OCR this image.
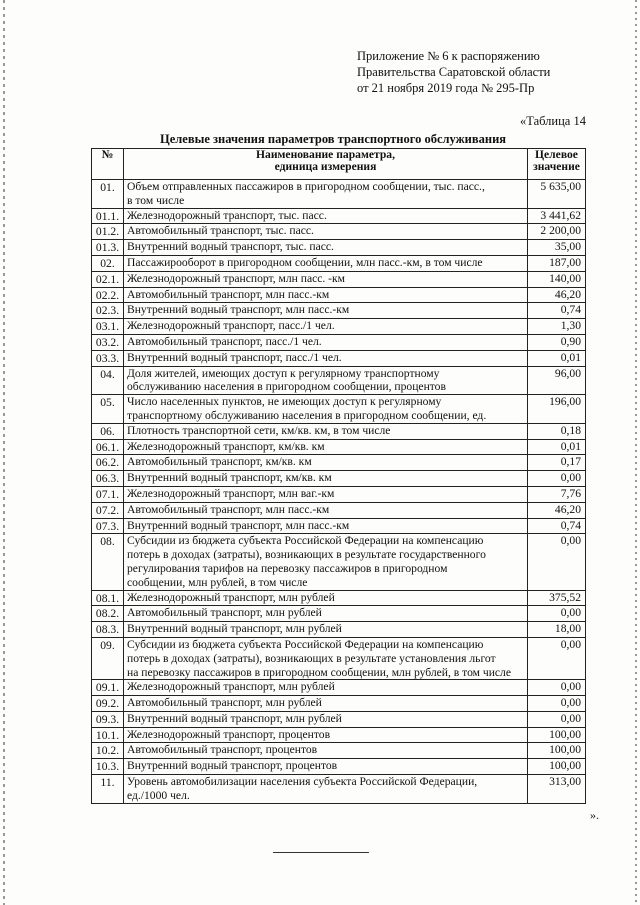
Приложение № 6 к распоряжению
Правительства Саратовской области
от 21 ноября 2019 года № 295-Пр
«Таблица 14
Целевые значения параметров транспортного обслуживания
№	Наименование параметра,
единица измерения	Целевое
значение
01.	Объем отправленных пассажиров в пригородном сообщении, тыс. пасс.,
в том числе	5 635,00
01.1.	Железнодорожный транспорт, тыс. пасс.	3 441,62
01.2.	Автомобильный транспорт, тыс. пасс.	2 200,00
01.3.	Внутренний водный транспорт, тыс. пасс.	35,00
02.	Пассажирооборот в пригородном сообщении, млн пасс.-км, в том числе	187,00
02.1.	Железнодорожный транспорт, млн пасс. -км	140,00
02.2.	Автомобильный транспорт, млн пасс.-км	46,20
02.3.	Внутренний водный транспорт, млн пасс.-км	0,74
03.1.	Железнодорожный транспорт, пасс./1 чел.	1,30
03.2.	Автомобильный транспорт, пасс./1 чел.	0,90
03.3.	Внутренний водный транспорт, пасс./1 чел.	0,01
04.	Доля жителей, имеющих доступ к регулярному транспортному
обслуживанию населения в пригородном сообщении, процентов	96,00
05.	Число населенных пунктов, не имеющих доступ к регулярному
транспортному обслуживанию населения в пригородном сообщении, ед.	196,00
06.	Плотность транспортной сети, км/кв. км, в том числе	0,18
06.1.	Железнодорожный транспорт, км/кв. км	0,01
06.2.	Автомобильный транспорт, км/кв. км	0,17
06.3.	Внутренний водный транспорт, км/кв. км	0,00
07.1.	Железнодорожный транспорт, млн ваг.-км	7,76
07.2.	Автомобильный транспорт, млн пасс.-км	46,20
07.3.	Внутренний водный транспорт, млн пасс.-км	0,74
08.	Субсидии из бюджета субъекта Российской Федерации на компенсацию
потерь в доходах (затраты), возникающих в результате государственного
регулирования тарифов на перевозку пассажиров в пригородном
сообщении, млн рублей, в том числе	0,00
08.1.	Железнодорожный транспорт, млн рублей	375,52
08.2.	Автомобильный транспорт, млн рублей	0,00
08.3.	Внутренний водный транспорт, млн рублей	18,00
09.	Субсидии из бюджета субъекта Российской Федерации на компенсацию
потерь в доходах (затраты), возникающих в результате установления льгот
на перевозку пассажиров в пригородном сообщении, млн рублей, в том числе	0,00
09.1.	Железнодорожный транспорт, млн рублей	0,00
09.2.	Автомобильный транспорт, млн рублей	0,00
09.3.	Внутренний водный транспорт, млн рублей	0,00
10.1.	Железнодорожный транспорт, процентов	100,00
10.2.	Автомобильный транспорт, процентов	100,00
10.3.	Внутренний водный транспорт, процентов	100,00
11.	Уровень автомобилизации населения субъекта Российской Федерации,
ед./1000 чел.	313,00
».
